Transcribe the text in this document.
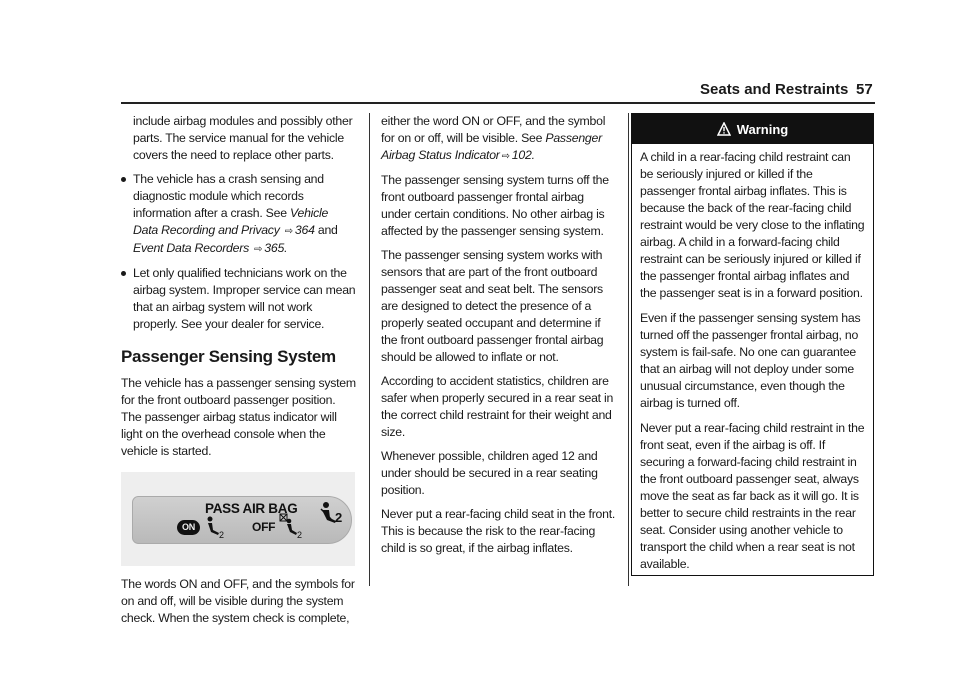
Seats and Restraints 57
include airbag modules and possibly other parts. The service manual for the vehicle covers the need to replace other parts.
The vehicle has a crash sensing and diagnostic module which records information after a crash. See Vehicle Data Recording and Privacy ⇨ 364 and Event Data Recorders ⇨ 365.
Let only qualified technicians work on the airbag system. Improper service can mean that an airbag system will not work properly. See your dealer for service.
Passenger Sensing System

The vehicle has a passenger sensing system for the front outboard passenger position. The passenger airbag status indicator will light on the overhead console when the vehicle is started.

PASS AIR BAG
ON
2
OFF
2
2

The words ON and OFF, and the symbols for on and off, will be visible during the system check. When the system check is complete,

either the word ON or OFF, and the symbol for on or off, will be visible. See Passenger Airbag Status Indicator ⇨ 102.

The passenger sensing system turns off the front outboard passenger frontal airbag under certain conditions. No other airbag is affected by the passenger sensing system.

The passenger sensing system works with sensors that are part of the front outboard passenger seat and seat belt. The sensors are designed to detect the presence of a properly seated occupant and determine if the front outboard passenger frontal airbag should be allowed to inflate or not.

According to accident statistics, children are safer when properly secured in a rear seat in the correct child restraint for their weight and size.

Whenever possible, children aged 12 and under should be secured in a rear seating position.

Never put a rear-facing child seat in the front. This is because the risk to the rear-facing child is so great, if the airbag inflates.

Warning

A child in a rear-facing child restraint can be seriously injured or killed if the passenger frontal airbag inflates. This is because the back of the rear-facing child restraint would be very close to the inflating airbag. A child in a forward-facing child restraint can be seriously injured or killed if the passenger frontal airbag inflates and the passenger seat is in a forward position.

Even if the passenger sensing system has turned off the passenger frontal airbag, no system is fail-safe. No one can guarantee that an airbag will not deploy under some unusual circumstance, even though the airbag is turned off.

Never put a rear-facing child restraint in the front seat, even if the airbag is off. If securing a forward-facing child restraint in the front outboard passenger seat, always move the seat as far back as it will go. It is better to secure child restraints in the rear seat. Consider using another vehicle to transport the child when a rear seat is not available.
